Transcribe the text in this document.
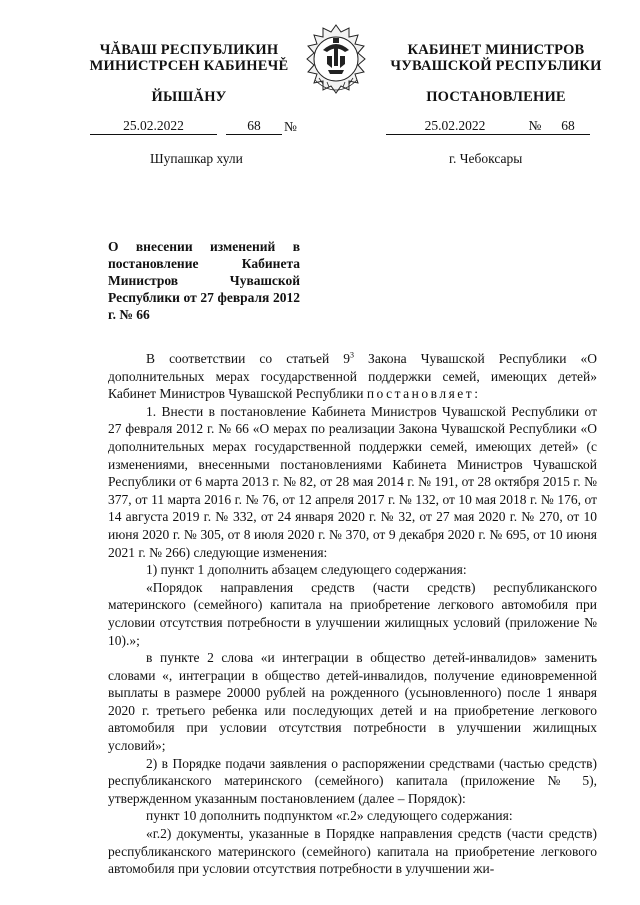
ЧĂВАШ РЕСПУБЛИКИН
МИНИСТРСЕН КАБИНЕЧĚ
ЙЫШĂНУ
КАБИНЕТ МИНИСТРОВ
ЧУВАШСКОЙ РЕСПУБЛИКИ
ПОСТАНОВЛЕНИЕ
25.02.2022	68	№	25.02.2022	№	68
Шупашкар хули	г. Чебоксары
О внесении изменений в постановление Кабинета Министров Чувашской Республики от 27 февраля 2012 г. № 66

В соответствии со статьей $9^3$ Закона Чувашской Республики «О дополнительных мерах государственной поддержки семей, имеющих детей» Кабинет Министров Чувашской Республики постановляет:

1. Внести в постановление Кабинета Министров Чувашской Республики от 27 февраля 2012 г. № 66 «О мерах по реализации Закона Чувашской Республики «О дополнительных мерах государственной поддержки семей, имеющих детей» (с изменениями, внесенными постановлениями Кабинета Министров Чувашской Республики от 6 марта 2013 г. № 82, от 28 мая 2014 г. № 191, от 28 октября 2015 г. № 377, от 11 марта 2016 г. № 76, от 12 апреля 2017 г. № 132, от 10 мая 2018 г. № 176, от 14 августа 2019 г. № 332, от 24 января 2020 г. № 32, от 27 мая 2020 г. № 270, от 10 июня 2020 г. № 305, от 8 июля 2020 г. № 370, от 9 декабря 2020 г. № 695, от 10 июня 2021 г. № 266) следующие изменения:

1) пункт 1 дополнить абзацем следующего содержания:

«Порядок направления средств (части средств) республиканского материнского (семейного) капитала на приобретение легкового автомобиля при условии отсутствия потребности в улучшении жилищных условий (приложение № 10).»;

в пункте 2 слова «и интеграции в общество детей-инвалидов» заменить словами «, интеграции в общество детей-инвалидов, получение единовременной выплаты в размере 20000 рублей на рожденного (усыновленного) после 1 января 2020 г. третьего ребенка или последующих детей и на приобретение легкового автомобиля при условии отсутствия потребности в улучшении жилищных условий»;

2) в Порядке подачи заявления о распоряжении средствами (частью средств) республиканского материнского (семейного) капитала (приложение № 5), утвержденном указанным постановлением (далее – Порядок):

пункт 10 дополнить подпунктом «г.2» следующего содержания:

«г.2) документы, указанные в Порядке направления средств (части средств) республиканского материнского (семейного) капитала на приобретение легкового автомобиля при условии отсутствия потребности в улучшении жи-
